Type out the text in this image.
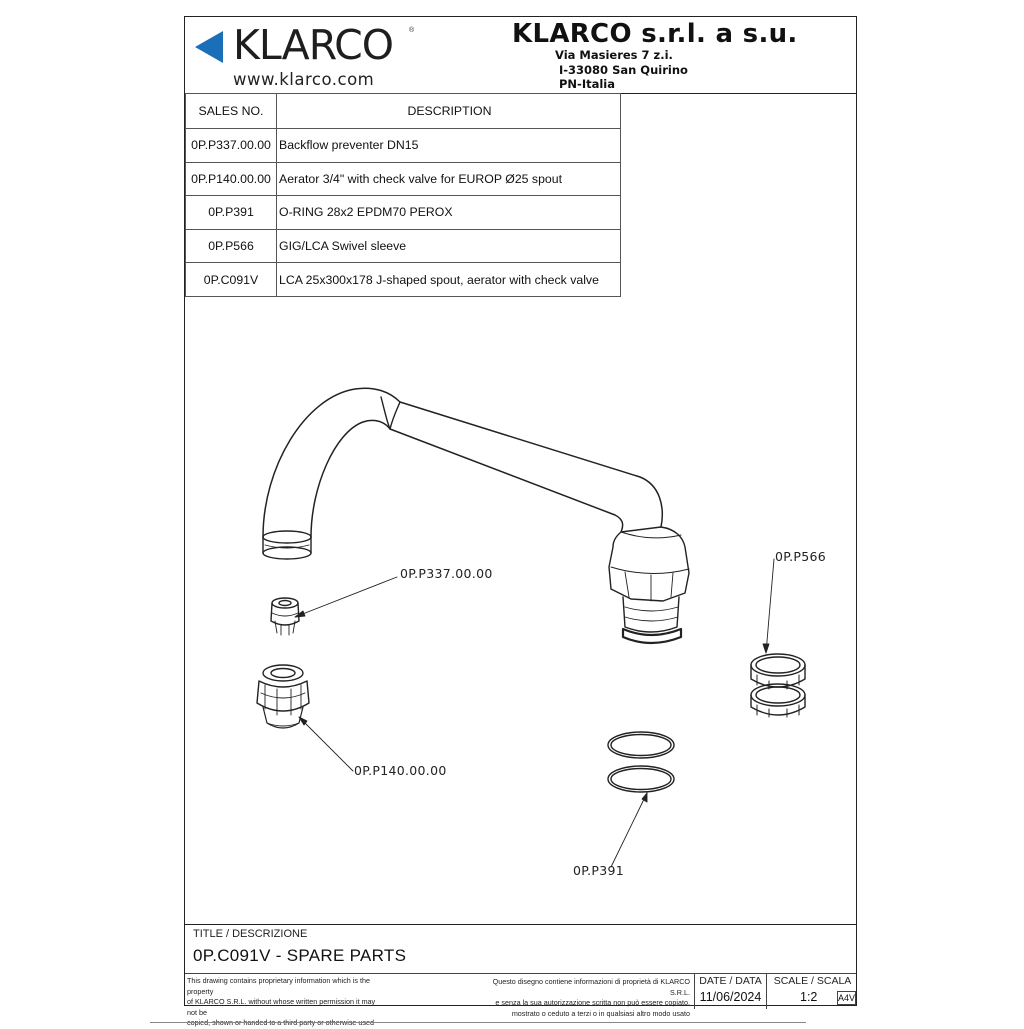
KLARCO ®
www.klarco.com
KLARCO s.r.l. a s.u.
Via Masieres 7 z.i.
I-33080 San Quirino
PN-Italia
SALES NO.	DESCRIPTION
0P.P337.00.00	Backflow preventer DN15
0P.P140.00.00	Aerator 3/4" with check valve for EUROP Ø25 spout
0P.P391	O-RING 28x2 EPDM70 PEROX
0P.P566	GIG/LCA Swivel sleeve
0P.C091V	LCA 25x300x178 J-shaped spout, aerator with check valve
0P.P337.00.00
0P.P140.00.00
0P.P566
0P.P391
TITLE / DESCRIZIONE
0P.C091V - SPARE PARTS
This drawing contains proprietary information which is the property
of KLARCO S.R.L. without whose written permission it may not be
Questo disegno contiene informazioni di proprietà di KLARCO S.R.L.
e senza la sua autorizzazione scritta non può essere copiato,
mostrato o ceduto a terzi o in qualsiasi altro modo usato
DATE / DATA
11/06/2024
SCALE / SCALA
1:2	A4V
